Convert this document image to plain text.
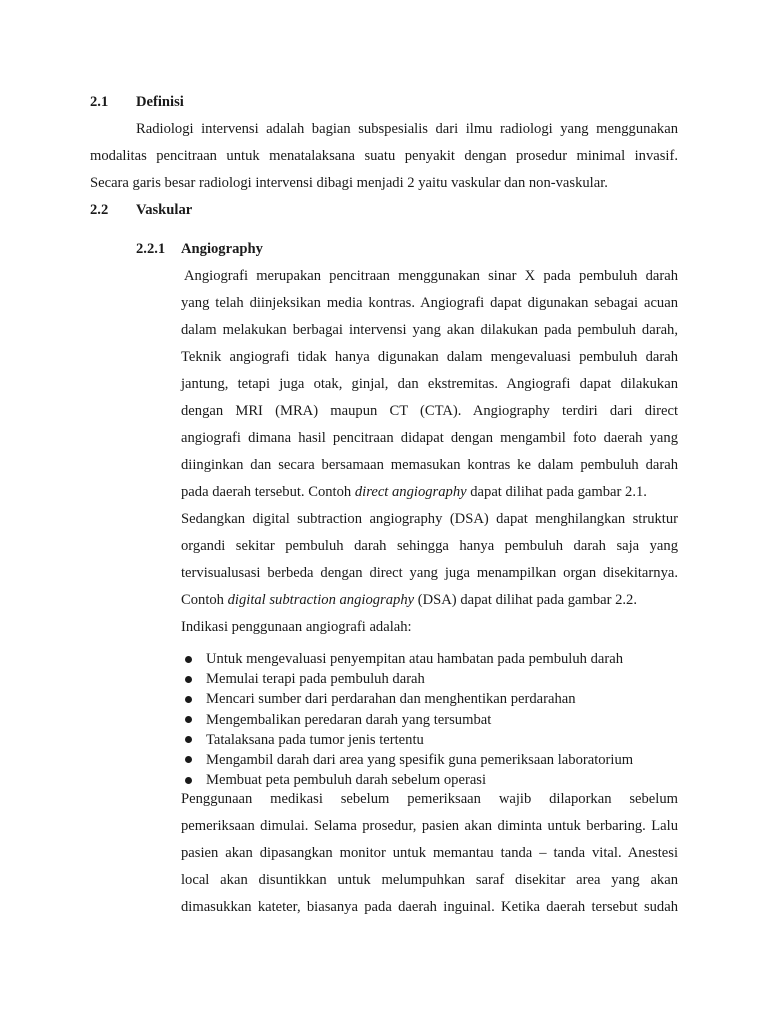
2.1 Definisi

Radiologi intervensi adalah bagian subspesialis dari ilmu radiologi yang menggunakan

modalitas pencitraan untuk menatalaksana suatu penyakit dengan prosedur minimal invasif.

Secara garis besar radiologi intervensi dibagi menjadi 2 yaitu vaskular dan non-vaskular.

2.2 Vaskular
2.2.1 Angiography

Angiografi merupakan pencitraan menggunakan sinar X pada pembuluh darah

yang telah diinjeksikan media kontras. Angiografi dapat digunakan sebagai acuan

dalam melakukan berbagai intervensi yang akan dilakukan pada pembuluh darah,

Teknik angiografi tidak hanya digunakan dalam mengevaluasi pembuluh darah

jantung, tetapi juga otak, ginjal, dan ekstremitas. Angiografi dapat dilakukan

dengan MRI (MRA) maupun CT (CTA). Angiography terdiri dari direct

angiografi dimana hasil pencitraan didapat dengan mengambil foto daerah yang

diinginkan dan secara bersamaan memasukan kontras ke dalam pembuluh darah

pada daerah tersebut. Contoh direct angiography dapat dilihat pada gambar 2.1.

Sedangkan digital subtraction angiography (DSA) dapat menghilangkan struktur

organdi sekitar pembuluh darah sehingga hanya pembuluh darah saja yang

tervisualusasi berbeda dengan direct yang juga menampilkan organ disekitarnya.

Contoh digital subtraction angiography (DSA) dapat dilihat pada gambar 2.2.

Indikasi penggunaan angiografi adalah:

Untuk mengevaluasi penyempitan atau hambatan pada pembuluh darah
Memulai terapi pada pembuluh darah
Mencari sumber dari perdarahan dan menghentikan perdarahan
Mengembalikan peredaran darah yang tersumbat
Tatalaksana pada tumor jenis tertentu
Mengambil darah dari area yang spesifik guna pemeriksaan laboratorium
Membuat peta pembuluh darah sebelum operasi

Penggunaan medikasi sebelum pemeriksaan wajib dilaporkan sebelum

pemeriksaan dimulai. Selama prosedur, pasien akan diminta untuk berbaring. Lalu

pasien akan dipasangkan monitor untuk memantau tanda – tanda vital. Anestesi

local akan disuntikkan untuk melumpuhkan saraf disekitar area yang akan

dimasukkan kateter, biasanya pada daerah inguinal. Ketika daerah tersebut sudah
